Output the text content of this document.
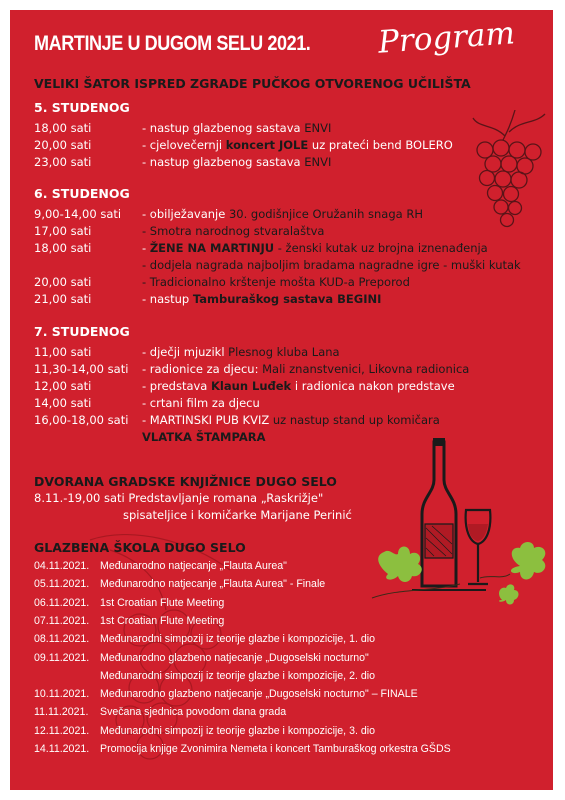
MARTINJE U DUGOM SELU 2021. Program
VELIKI ŠATOR ISPRED ZGRADE PUČKOG OTVORENOG UČILIŠTA
5. STUDENOG
18,00 sati	- nastup glazbenog sastava ENVI
20,00 sati	- cjelovečernji koncert JOLE uz prateći bend BOLERO
23,00 sati	- nastup glazbenog sastava ENVI
6. STUDENOG
9,00-14,00 sati - obilježavanje 30. godišnjice Oružanih snaga RH
17,00 sati	- Smotra narodnog stvaralaštva
18,00 sati	- ŽENE NA MARTINJU - ženski kutak uz brojna iznenađenja
- dodjela nagrada najboljim bradama nagradne igre - muški kutak
20,00 sati	- Tradicionalno krštenje mošta KUD-a Preporod
21,00 sati	- nastup Tamburaškog sastava BEGINI
7. STUDENOG
11,00 sati	- dječji mjuzikl Plesnog kluba Lana
11,30-14,00 sati - radionice za djecu: Mali znanstvenici, Likovna radionica
12,00 sati	- predstava Klaun Luđek i radionica nakon predstave
14,00 sati	- crtani film za djecu
16,00-18,00 sati - MARTINSKI PUB KVIZ uz nastup stand up komičara
VLATKA ŠTAMPARA
DVORANA GRADSKE KNJIŽNICE DUGO SELO
8.11.-19,00 sati Predstavljanje romana „Raskrižje"
spisateljice i komičarke Marijane Perinić
GLAZBENA ŠKOLA DUGO SELO
04.11.2021. Međunarodno natjecanje „Flauta Aurea"
05.11.2021. Međunarodno natjecanje „Flauta Aurea" - Finale
06.11.2021. 1st Croatian Flute Meeting
07.11.2021. 1st Croatian Flute Meeting
08.11.2021. Međunarodni simpozij iz teorije glazbe i kompozicije, 1. dio
09.11.2021. Međunarodno glazbeno natjecanje „Dugoselski nocturno"
Međunarodni simpozij iz teorije glazbe i kompozicije, 2. dio
10.11.2021. Međunarodno glazbeno natjecanje „Dugoselski nocturno" – FINALE
11.11.2021. Svečana sjednica povodom dana grada
12.11.2021. Međunarodni simpozij iz teorije glazbe i kompozicije, 3. dio
14.11.2021. Promocija knjige Zvonimira Nemeta i koncert Tamburaškog orkestra GŠDS
